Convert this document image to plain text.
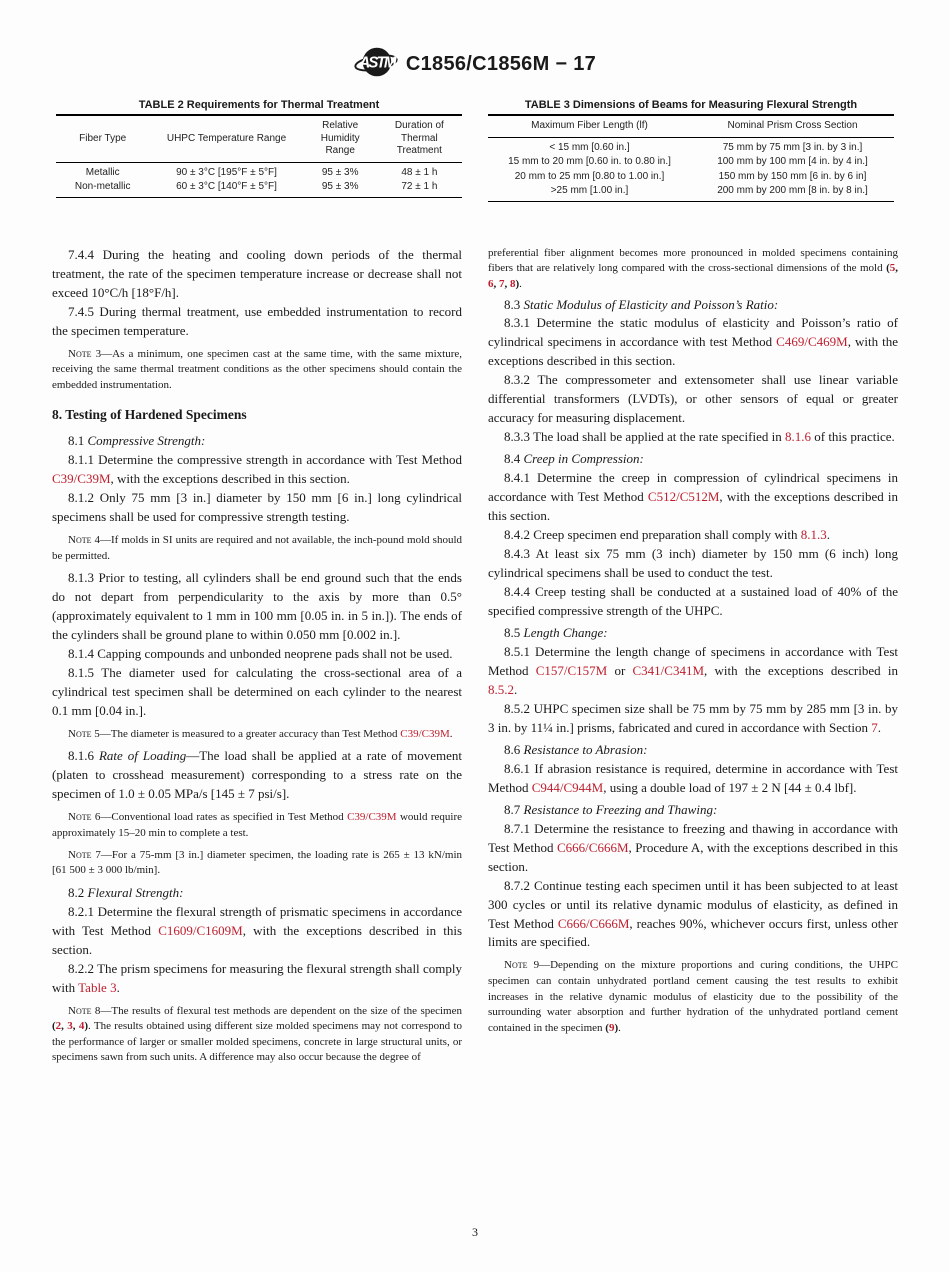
ASTM C1856/C1856M − 17
TABLE 2 Requirements for Thermal Treatment
Fiber Type	UHPC Temperature Range	Relative Humidity Range	Duration of Thermal Treatment
Metallic	90 ± 3°C [195°F ± 5°F]	95 ± 3%	48 ± 1 h
Non-metallic	60 ± 3°C [140°F ± 5°F]	95 ± 3%	72 ± 1 h
TABLE 3 Dimensions of Beams for Measuring Flexural Strength
Maximum Fiber Length (lf)	Nominal Prism Cross Section
< 15 mm [0.60 in.]	75 mm by 75 mm [3 in. by 3 in.]
15 mm to 20 mm [0.60 in. to 0.80 in.]	100 mm by 100 mm [4 in. by 4 in.]
20 mm to 25 mm [0.80 to 1.00 in.]	150 mm by 150 mm [6 in. by 6 in]
>25 mm [1.00 in.]	200 mm by 200 mm [8 in. by 8 in.]

7.4.4 During the heating and cooling down periods of the thermal treatment, the rate of the specimen temperature increase or decrease shall not exceed 10°C/h [18°F/h].

7.4.5 During thermal treatment, use embedded instrumentation to record the specimen temperature.

Note 3—As a minimum, one specimen cast at the same time, with the same mixture, receiving the same thermal treatment conditions as the other specimens should contain the embedded instrumentation.

8. Testing of Hardened Specimens

8.1 Compressive Strength:

8.1.1 Determine the compressive strength in accordance with Test Method C39/C39M, with the exceptions described in this section.

8.1.2 Only 75 mm [3 in.] diameter by 150 mm [6 in.] long cylindrical specimens shall be used for compressive strength testing.

Note 4—If molds in SI units are required and not available, the inch-pound mold should be permitted.

8.1.3 Prior to testing, all cylinders shall be end ground such that the ends do not depart from perpendicularity to the axis by more than 0.5° (approximately equivalent to 1 mm in 100 mm [0.05 in. in 5 in.]). The ends of the cylinders shall be ground plane to within 0.050 mm [0.002 in.].

8.1.4 Capping compounds and unbonded neoprene pads shall not be used.

8.1.5 The diameter used for calculating the cross-sectional area of a cylindrical test specimen shall be determined on each cylinder to the nearest 0.1 mm [0.04 in.].

Note 5—The diameter is measured to a greater accuracy than Test Method C39/C39M.

8.1.6 Rate of Loading—The load shall be applied at a rate of movement (platen to crosshead measurement) corresponding to a stress rate on the specimen of 1.0 ± 0.05 MPa/s [145 ± 7 psi/s].

Note 6—Conventional load rates as specified in Test Method C39/C39M would require approximately 15–20 min to complete a test.

Note 7—For a 75-mm [3 in.] diameter specimen, the loading rate is 265 ± 13 kN/min [61 500 ± 3 000 lb/min].

8.2 Flexural Strength:

8.2.1 Determine the flexural strength of prismatic specimens in accordance with Test Method C1609/C1609M, with the exceptions described in this section.

8.2.2 The prism specimens for measuring the flexural strength shall comply with Table 3.

Note 8—The results of flexural test methods are dependent on the size of the specimen (2, 3, 4). The results obtained using different size molded specimens may not correspond to the performance of larger or smaller molded specimens, concrete in large structural units, or specimens sawn from such units. A difference may also occur because the degree of

preferential fiber alignment becomes more pronounced in molded specimens containing fibers that are relatively long compared with the cross-sectional dimensions of the mold (5, 6, 7, 8).

8.3 Static Modulus of Elasticity and Poisson’s Ratio:

8.3.1 Determine the static modulus of elasticity and Poisson’s ratio of cylindrical specimens in accordance with test Method C469/C469M, with the exceptions described in this section.

8.3.2 The compressometer and extensometer shall use linear variable differential transformers (LVDTs), or other sensors of equal or greater accuracy for measuring displacement.

8.3.3 The load shall be applied at the rate specified in 8.1.6 of this practice.

8.4 Creep in Compression:

8.4.1 Determine the creep in compression of cylindrical specimens in accordance with Test Method C512/C512M, with the exceptions described in this section.

8.4.2 Creep specimen end preparation shall comply with 8.1.3.

8.4.3 At least six 75 mm (3 inch) diameter by 150 mm (6 inch) long cylindrical specimens shall be used to conduct the test.

8.4.4 Creep testing shall be conducted at a sustained load of 40% of the specified compressive strength of the UHPC.

8.5 Length Change:

8.5.1 Determine the length change of specimens in accordance with Test Method C157/C157M or C341/C341M, with the exceptions described in 8.5.2.

8.5.2 UHPC specimen size shall be 75 mm by 75 mm by 285 mm [3 in. by 3 in. by 11¼ in.] prisms, fabricated and cured in accordance with Section 7.

8.6 Resistance to Abrasion:

8.6.1 If abrasion resistance is required, determine in accordance with Test Method C944/C944M, using a double load of 197 ± 2 N [44 ± 0.4 lbf].

8.7 Resistance to Freezing and Thawing:

8.7.1 Determine the resistance to freezing and thawing in accordance with Test Method C666/C666M, Procedure A, with the exceptions described in this section.

8.7.2 Continue testing each specimen until it has been subjected to at least 300 cycles or until its relative dynamic modulus of elasticity, as defined in Test Method C666/C666M, reaches 90%, whichever occurs first, unless other limits are specified.

Note 9—Depending on the mixture proportions and curing conditions, the UHPC specimen can contain unhydrated portland cement causing the test results to exhibit increases in the relative dynamic modulus of elasticity due to the possibility of the surrounding water absorption and further hydration of the unhydrated portland cement contained in the specimen (9).

3
